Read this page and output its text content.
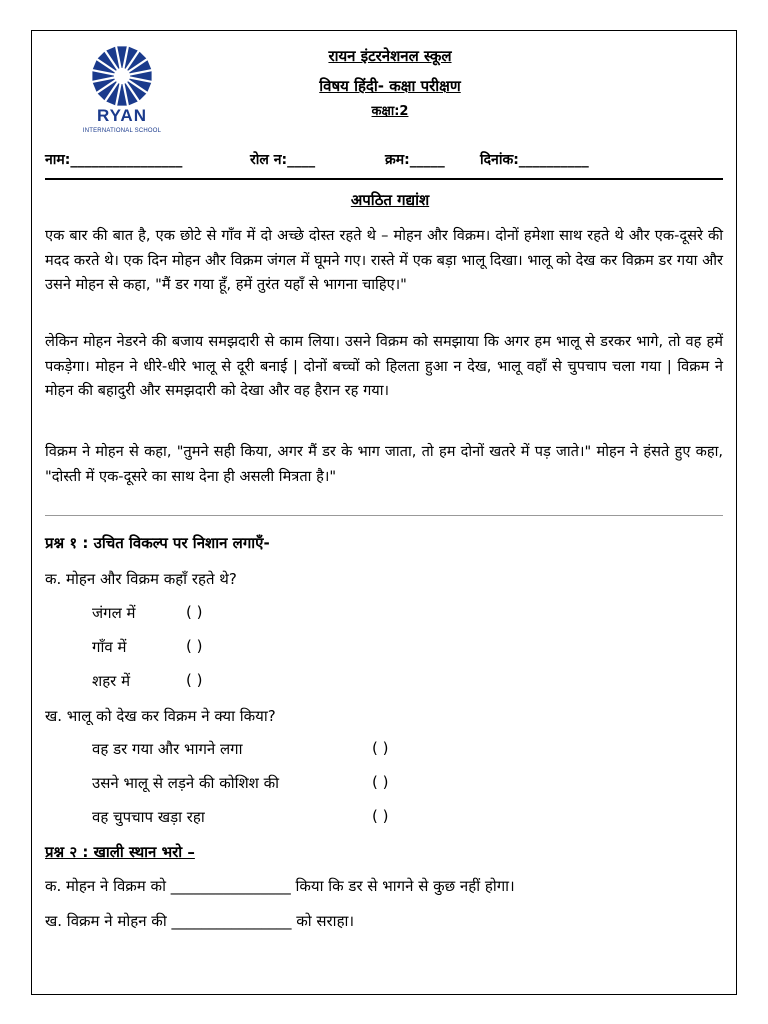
RYAN
INTERNATIONAL SCHOOL
रायन इंटरनेशनल स्कूल
विषय हिंदी- कक्षा परीक्षण
कक्षा:2
नाम:________________	रोल न:____	क्रम:_____	दिनांक:__________
अपठित गद्यांश

एक बार की बात है, एक छोटे से गाँव में दो अच्छे दोस्त रहते थे – मोहन और विक्रम। दोनों हमेशा साथ रहते थे और एक-दूसरे की मदद करते थे। एक दिन मोहन और विक्रम जंगल में घूमने गए। रास्ते में एक बड़ा भालू दिखा। भालू को देख कर विक्रम डर गया और उसने मोहन से कहा, "मैं डर गया हूँ, हमें तुरंत यहाँ से भागना चाहिए।"

लेकिन मोहन नेडरने की बजाय समझदारी से काम लिया। उसने विक्रम को समझाया कि अगर हम भालू से डरकर भागे, तो वह हमें पकड़ेगा। मोहन ने धीरे-धीरे भालू से दूरी बनाई | दोनों बच्चों को हिलता हुआ न देख, भालू वहाँ से चुपचाप चला गया | विक्रम ने मोहन की बहादुरी और समझदारी को देखा और वह हैरान रह गया।

विक्रम ने मोहन से कहा, "तुमने सही किया, अगर मैं डर के भाग जाता, तो हम दोनों खतरे में पड़ जाते।" मोहन ने हंसते हुए कहा, "दोस्ती में एक-दूसरे का साथ देना ही असली मित्रता है।"

प्रश्न १ : उचित विकल्प पर निशान लगाएँ-
क. मोहन और विक्रम कहाँ रहते थे?
जंगल में	( )
गाँव में	( )
शहर में	( )
ख. भालू को देख कर विक्रम ने क्या किया?
वह डर गया और भागने लगा	( )
उसने भालू से लड़ने की कोशिश की	( )
वह चुपचाप खड़ा रहा	( )
प्रश्न २ : खाली स्थान भरो –
क. मोहन ने विक्रम को ________________ किया कि डर से भागने से कुछ नहीं होगा।
ख. विक्रम ने मोहन की ________________ को सराहा।
